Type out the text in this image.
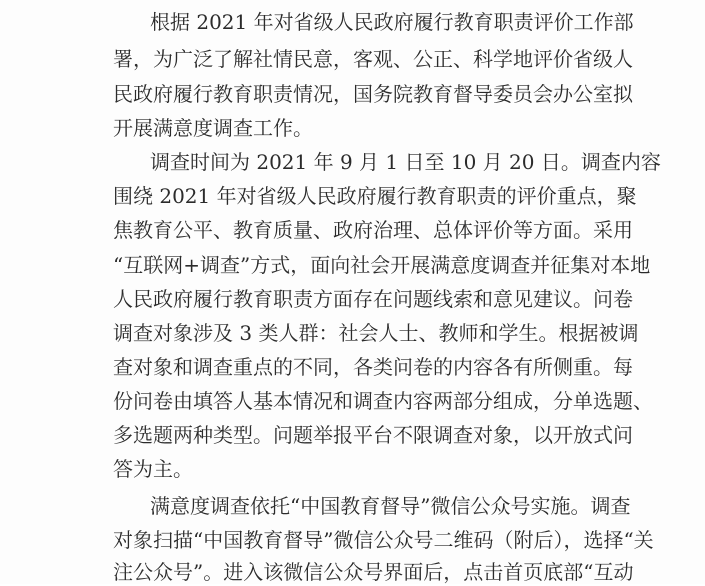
根据 2021 年对省级人民政府履行教育职责评价工作部
署，为广泛了解社情民意，客观、公正、科学地评价省级人
民政府履行教育职责情况，国务院教育督导委员会办公室拟
开展满意度调查工作。
调查时间为 2021 年 9 月 1 日至 10 月 20 日。调查内容
围绕 2021 年对省级人民政府履行教育职责的评价重点，聚
焦教育公平、教育质量、政府治理、总体评价等方面。采用
“互联网+调查”方式，面向社会开展满意度调查并征集对本地
人民政府履行教育职责方面存在问题线索和意见建议。问卷
调查对象涉及 3 类人群：社会人士、教师和学生。根据被调
查对象和调查重点的不同，各类问卷的内容各有所侧重。每
份问卷由填答人基本情况和调查内容两部分组成，分单选题、
多选题两种类型。问题举报平台不限调查对象，以开放式问
答为主。
满意度调查依托“中国教育督导”微信公众号实施。调查
对象扫描“中国教育督导”微信公众号二维码（附后），选择“关
注公众号”。进入该微信公众号界面后，点击首页底部“互动
